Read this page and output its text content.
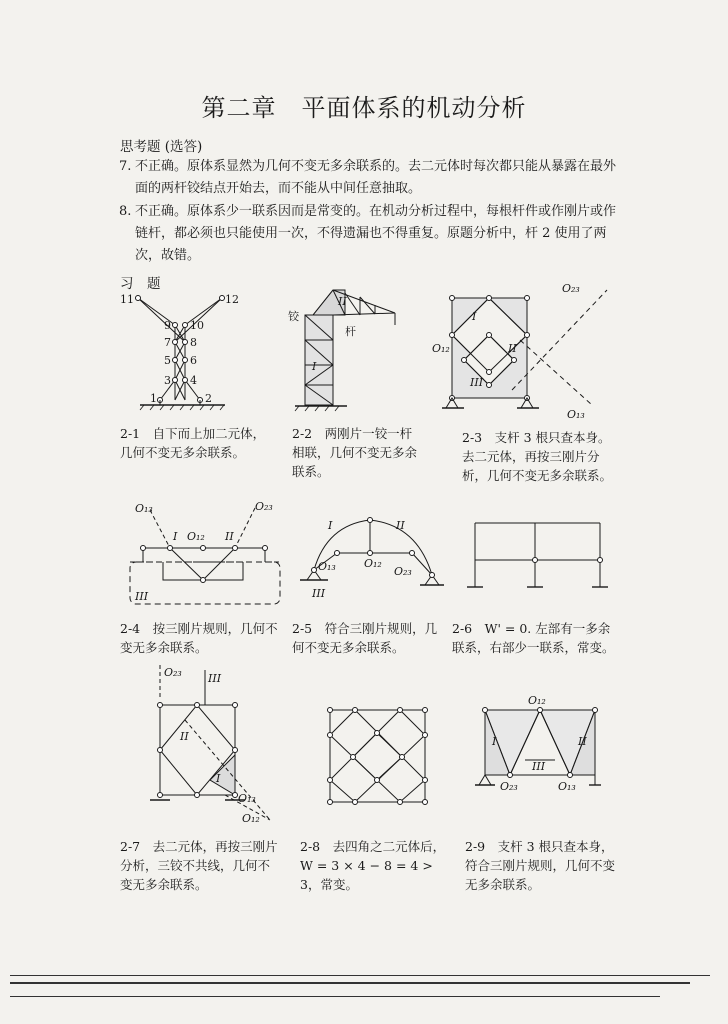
第二章　平面体系的机动分析
思考题 (选答)
7. 不正确。原体系显然为几何不变无多余联系的。去二元体时每次都只能从暴露在最外面的两杆铰结点开始去，而不能从中间任意抽取。
8. 不正确。原体系少一联系因而是常变的。在机动分析过程中，每根杆件或作刚片或作链杆，都必须也只能使用一次，不得遗漏也不得重复。原题分析中，杆 2 使用了两次，故错。
习　题
11	12
9 10
7 8
5 6
3 4
1	2
铰
杆
I
II
O₂₃
O₁₂
O₁₃
I
II
III
2-1　自下而上加二元体，几何不变无多余联系。
2-2　两刚片一铰一杆相联，几何不变无多余联系。
2-3　支杆 3 根只查本身。去二元体，再按三刚片分析，几何不变无多余联系。
O₁₃	O₂₃
O₁₂
I	II
III
I	II
O₁₂
O₁₃	O₂₃
III
2-4　按三刚片规则，几何不变无多余联系。
2-5　符合三刚片规则，几何不变无多余联系。
2-6　W' = 0. 左部有一多余联系，右部少一联系，常变。
O₂₃ III
II
I
O₁₃
O₁₂
O₁₂
I	II
III
O₂₃	O₁₃
2-7　去二元体，再按三刚片分析，三铰不共线，几何不变无多余联系。
2-8　去四角之二元体后，W = 3 × 4 − 8 = 4 > 3，常变。
2-9　支杆 3 根只查本身，符合三刚片规则，几何不变无多余联系。
